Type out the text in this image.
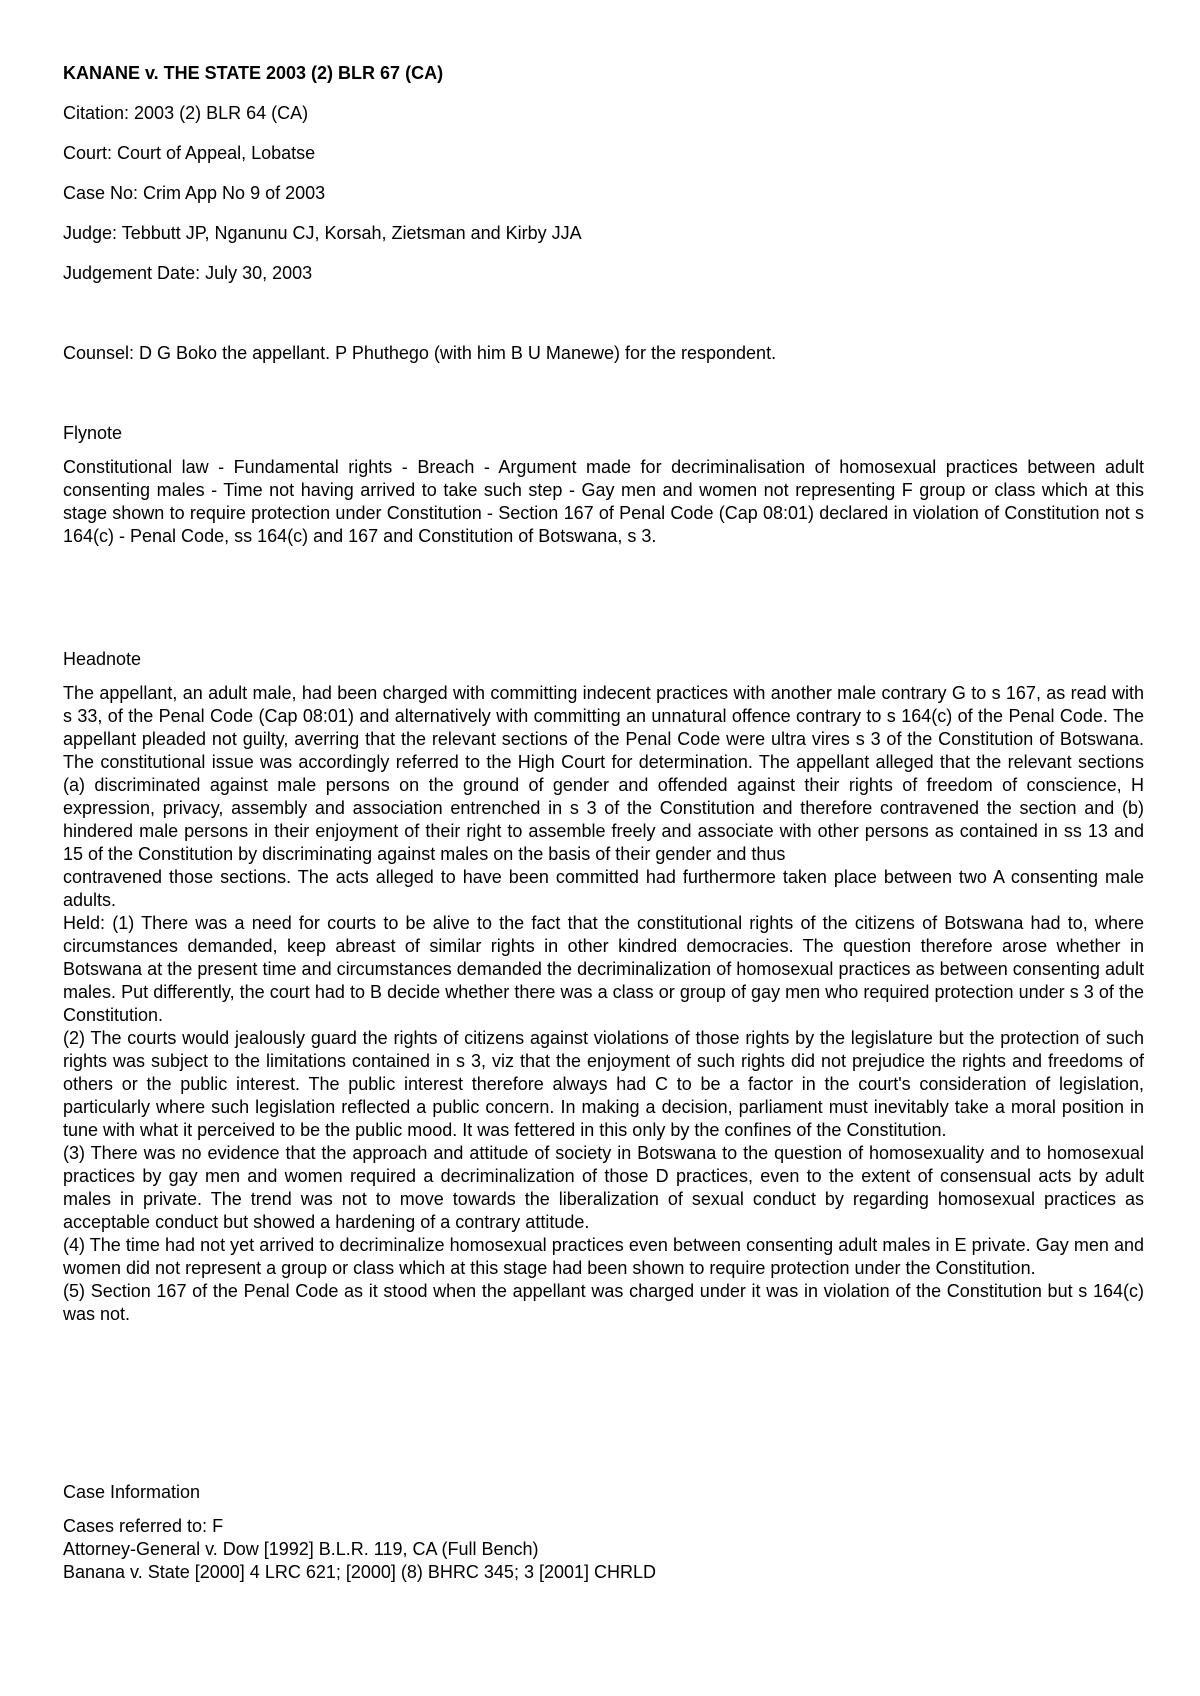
KANANE v. THE STATE 2003 (2) BLR 67 (CA)

Citation: 2003 (2) BLR 64 (CA)

Court: Court of Appeal, Lobatse

Case No: Crim App No 9 of 2003

Judge: Tebbutt JP, Nganunu CJ, Korsah, Zietsman and Kirby JJA

Judgement Date: July 30, 2003

Counsel: D G Boko the appellant. P Phuthego (with him B U Manewe) for the respondent.

Flynote

Constitutional law - Fundamental rights - Breach - Argument made for decriminalisation of homosexual practices between adult consenting males - Time not having arrived to take such step - Gay men and women not representing F group or class which at this stage shown to require protection under Constitution - Section 167 of Penal Code (Cap 08:01) declared in violation of Constitution not s 164(c) - Penal Code, ss 164(c) and 167 and Constitution of Botswana, s 3.

Headnote

The appellant, an adult male, had been charged with committing indecent practices with another male contrary G to s 167, as read with s 33, of the Penal Code (Cap 08:01) and alternatively with committing an unnatural offence contrary to s 164(c) of the Penal Code. The appellant pleaded not guilty, averring that the relevant sections of the Penal Code were ultra vires s 3 of the Constitution of Botswana. The constitutional issue was accordingly referred to the High Court for determination. The appellant alleged that the relevant sections (a) discriminated against male persons on the ground of gender and offended against their rights of freedom of conscience, H expression, privacy, assembly and association entrenched in s 3 of the Constitution and therefore contravened the section and (b) hindered male persons in their enjoyment of their right to assemble freely and associate with other persons as contained in ss 13 and 15 of the Constitution by discriminating against males on the basis of their gender and thus
contravened those sections. The acts alleged to have been committed had furthermore taken place between two A consenting male adults.
Held: (1) There was a need for courts to be alive to the fact that the constitutional rights of the citizens of Botswana had to, where circumstances demanded, keep abreast of similar rights in other kindred democracies. The question therefore arose whether in Botswana at the present time and circumstances demanded the decriminalization of homosexual practices as between consenting adult males. Put differently, the court had to B decide whether there was a class or group of gay men who required protection under s 3 of the Constitution.
(2) The courts would jealously guard the rights of citizens against violations of those rights by the legislature but the protection of such rights was subject to the limitations contained in s 3, viz that the enjoyment of such rights did not prejudice the rights and freedoms of others or the public interest. The public interest therefore always had C to be a factor in the court's consideration of legislation, particularly where such legislation reflected a public concern. In making a decision, parliament must inevitably take a moral position in tune with what it perceived to be the public mood. It was fettered in this only by the confines of the Constitution.
(3) There was no evidence that the approach and attitude of society in Botswana to the question of homosexuality and to homosexual practices by gay men and women required a decriminalization of those D practices, even to the extent of consensual acts by adult males in private. The trend was not to move towards the liberalization of sexual conduct by regarding homosexual practices as acceptable conduct but showed a hardening of a contrary attitude.
(4) The time had not yet arrived to decriminalize homosexual practices even between consenting adult males in E private. Gay men and women did not represent a group or class which at this stage had been shown to require protection under the Constitution.
(5) Section 167 of the Penal Code as it stood when the appellant was charged under it was in violation of the Constitution but s 164(c) was not.

Case Information

Cases referred to: F
Attorney-General v. Dow [1992] B.L.R. 119, CA (Full Bench)
Banana v. State [2000] 4 LRC 621; [2000] (8) BHRC 345; 3 [2001] CHRLD
